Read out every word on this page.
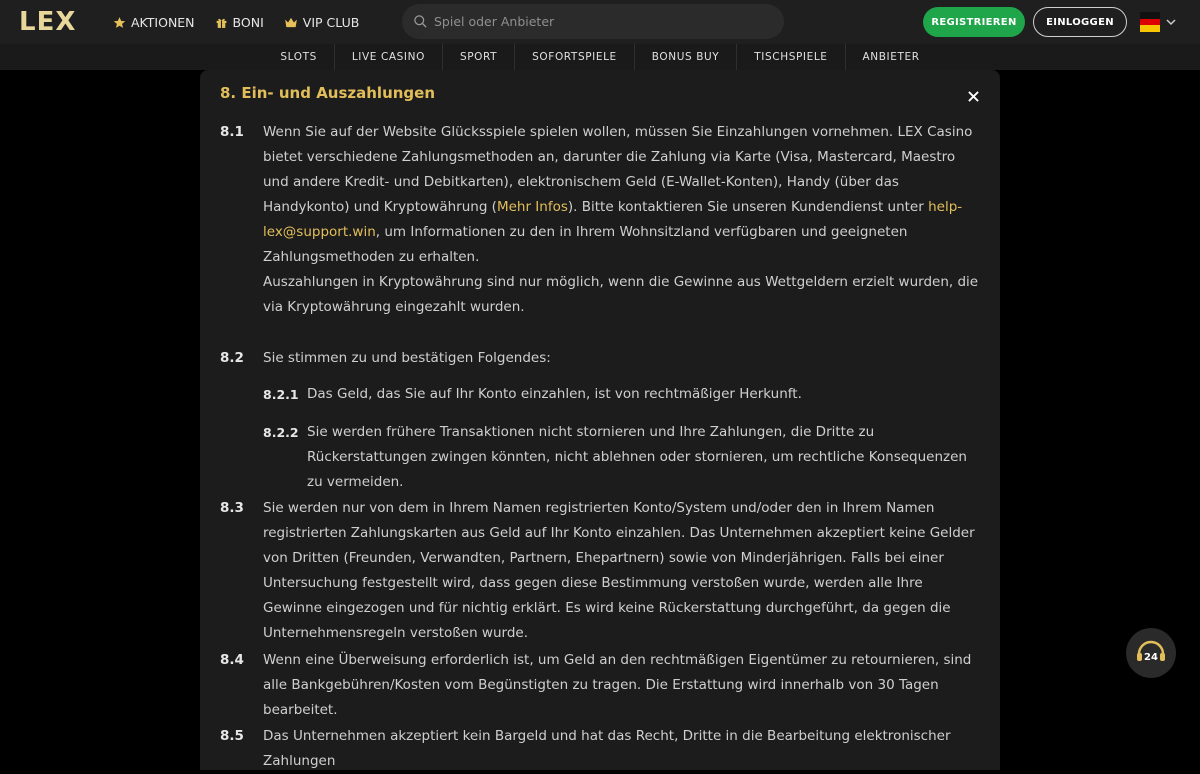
LEX	AKTIONEN	BONI	VIP CLUB
Spiel oder Anbieter	REGISTRIEREN	EINLOGGEN
SLOTS	LIVE CASINO	SPORT	SOFORTSPIELE	BONUS BUY	TISCHSPIELE	ANBIETER
8. Ein- und Auszahlungen
8.1 Wenn Sie auf der Website Glücksspiele spielen wollen, müssen Sie Einzahlungen vornehmen. LEX Casino bietet verschiedene Zahlungsmethoden an, darunter die Zahlung via Karte (Visa, Mastercard, Maestro und andere Kredit- und Debitkarten), elektronischem Geld (E-Wallet-Konten), Handy (über das Handykonto) und Kryptowährung (Mehr Infos). Bitte kontaktieren Sie unseren Kundendienst unter help-lex@support.win, um Informationen zu den in Ihrem Wohnsitzland verfügbaren und geeigneten Zahlungsmethoden zu erhalten.
Auszahlungen in Kryptowährung sind nur möglich, wenn die Gewinne aus Wettgeldern erzielt wurden, die via Kryptowährung eingezahlt wurden.
8.2 Sie stimmen zu und bestätigen Folgendes:
8.2.1 Das Geld, das Sie auf Ihr Konto einzahlen, ist von rechtmäßiger Herkunft.
8.2.2 Sie werden frühere Transaktionen nicht stornieren und Ihre Zahlungen, die Dritte zu Rückerstattungen zwingen könnten, nicht ablehnen oder stornieren, um rechtliche Konsequenzen zu vermeiden.
8.3 Sie werden nur von dem in Ihrem Namen registrierten Konto/System und/oder den in Ihrem Namen registrierten Zahlungskarten aus Geld auf Ihr Konto einzahlen. Das Unternehmen akzeptiert keine Gelder von Dritten (Freunden, Verwandten, Partnern, Ehepartnern) sowie von Minderjährigen. Falls bei einer Untersuchung festgestellt wird, dass gegen diese Bestimmung verstoßen wurde, werden alle Ihre Gewinne eingezogen und für nichtig erklärt. Es wird keine Rückerstattung durchgeführt, da gegen die Unternehmensregeln verstoßen wurde.
8.4 Wenn eine Überweisung erforderlich ist, um Geld an den rechtmäßigen Eigentümer zu retournieren, sind alle Bankgebühren/Kosten vom Begünstigten zu tragen. Die Erstattung wird innerhalb von 30 Tagen bearbeitet.
8.5 Das Unternehmen akzeptiert kein Bargeld und hat das Recht, Dritte in die Bearbeitung elektronischer Zahlungen
24
